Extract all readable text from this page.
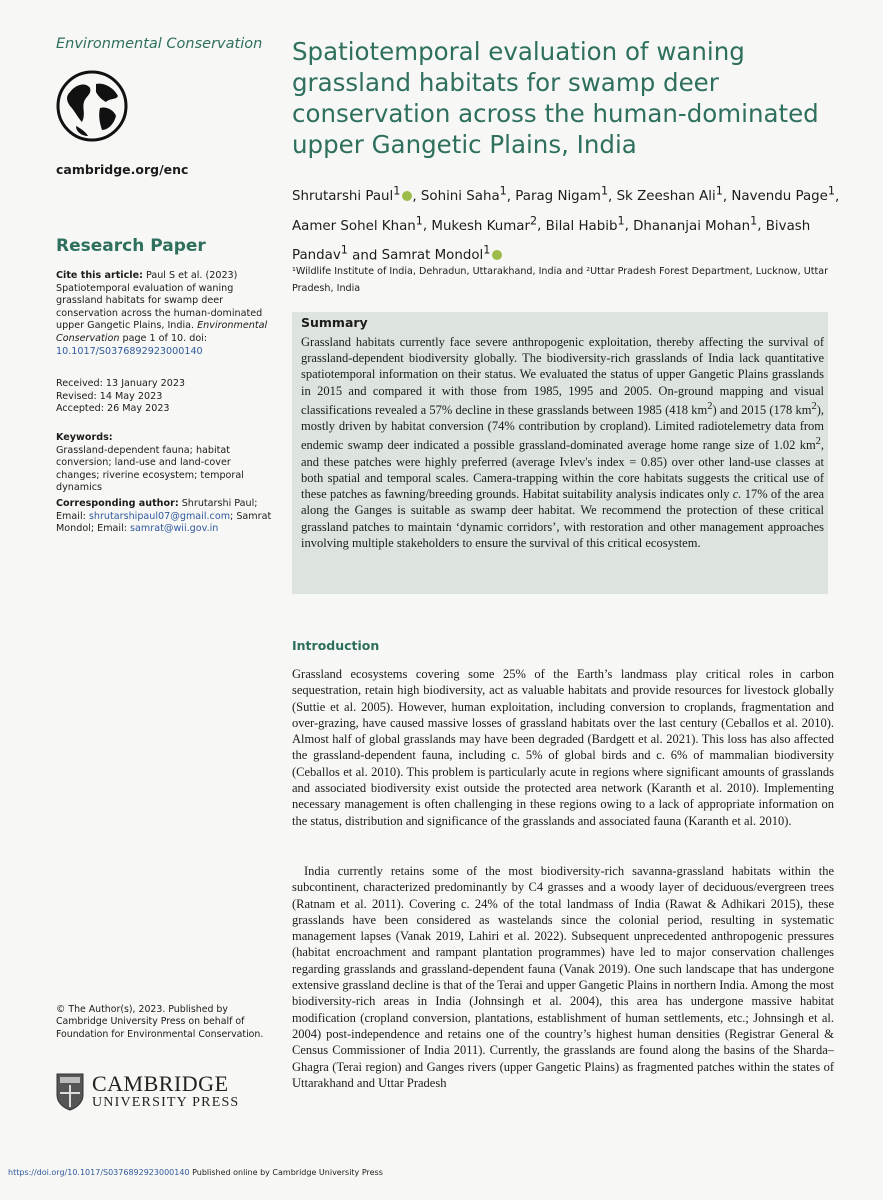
Environmental Conservation
cambridge.org/enc
Research Paper
Cite this article: Paul S et al. (2023) Spatiotemporal evaluation of waning grassland habitats for swamp deer conservation across the human-dominated upper Gangetic Plains, India. Environmental Conservation page 1 of 10. doi: 10.1017/S0376892923000140
Received: 13 January 2023
Revised: 14 May 2023
Accepted: 26 May 2023
Keywords:
Grassland-dependent fauna; habitat conversion; land-use and land-cover changes; riverine ecosystem; temporal dynamics
Corresponding author: Shrutarshi Paul;
Email: shrutarshipaul07@gmail.com; Samrat Mondol; Email: samrat@wii.gov.in
© The Author(s), 2023. Published by Cambridge University Press on behalf of Foundation for Environmental Conservation.
CAMBRIDGE
UNIVERSITY PRESS
Spatiotemporal evaluation of waning grassland habitats for swamp deer conservation across the human-dominated upper Gangetic Plains, India
Shrutarshi Paul$^1$ , Sohini Saha$^1$, Parag Nigam$^1$, Sk Zeeshan Ali$^1$, Navendu Page$^1$, Aamer Sohel Khan$^1$, Mukesh Kumar$^2$, Bilal Habib$^1$, Dhananjai Mohan$^1$, Bivash Pandav$^1$ and Samrat Mondol$^1$
¹Wildlife Institute of India, Dehradun, Uttarakhand, India and ²Uttar Pradesh Forest Department, Lucknow, Uttar Pradesh, India
Summary
Grassland habitats currently face severe anthropogenic exploitation, thereby affecting the survival of grassland-dependent biodiversity globally. The biodiversity-rich grasslands of India lack quantitative spatiotemporal information on their status. We evaluated the status of upper Gangetic Plains grasslands in 2015 and compared it with those from 1985, 1995 and 2005. On-ground mapping and visual classifications revealed a 57% decline in these grasslands between 1985 (418 $km^2$) and 2015 (178 $km^2$), mostly driven by habitat conversion (74% contribution by cropland). Limited radiotelemetry data from endemic swamp deer indicated a possible grassland-dominated average home range size of 1.02 $km^2$, and these patches were highly preferred (average Ivlev's index = 0.85) over other land-use classes at both spatial and temporal scales. Camera-trapping within the core habitats suggests the critical use of these patches as fawning/breeding grounds. Habitat suitability analysis indicates only c. 17% of the area along the Ganges is suitable as swamp deer habitat. We recommend the protection of these critical grassland patches to maintain ‘dynamic corridors’, with restoration and other management approaches involving multiple stakeholders to ensure the survival of this critical ecosystem.
Introduction
Grassland ecosystems covering some 25% of the Earth’s landmass play critical roles in carbon sequestration, retain high biodiversity, act as valuable habitats and provide resources for livestock globally (Suttie et al. 2005). However, human exploitation, including conversion to croplands, fragmentation and over-grazing, have caused massive losses of grassland habitats over the last century (Ceballos et al. 2010). Almost half of global grasslands may have been degraded (Bardgett et al. 2021). This loss has also affected the grassland-dependent fauna, including c. 5% of global birds and c. 6% of mammalian biodiversity (Ceballos et al. 2010). This problem is particularly acute in regions where significant amounts of grasslands and associated biodiversity exist outside the protected area network (Karanth et al. 2010). Implementing necessary management is often challenging in these regions owing to a lack of appropriate information on the status, distribution and significance of the grasslands and associated fauna (Karanth et al. 2010).
India currently retains some of the most biodiversity-rich savanna-grassland habitats within the subcontinent, characterized predominantly by C4 grasses and a woody layer of deciduous/evergreen trees (Ratnam et al. 2011). Covering c. 24% of the total landmass of India (Rawat & Adhikari 2015), these grasslands have been considered as wastelands since the colonial period, resulting in systematic management lapses (Vanak 2019, Lahiri et al. 2022). Subsequent unprecedented anthropogenic pressures (habitat encroachment and rampant plantation programmes) have led to major conservation challenges regarding grasslands and grassland-dependent fauna (Vanak 2019). One such landscape that has undergone extensive grassland decline is that of the Terai and upper Gangetic Plains in northern India. Among the most biodiversity-rich areas in India (Johnsingh et al. 2004), this area has undergone massive habitat modification (cropland conversion, plantations, establishment of human settlements, etc.; Johnsingh et al. 2004) post-independence and retains one of the country’s highest human densities (Registrar General & Census Commissioner of India 2011). Currently, the grasslands are found along the basins of the Sharda–Ghagra (Terai region) and Ganges rivers (upper Gangetic Plains) as fragmented patches within the states of Uttarakhand and Uttar Pradesh
https://doi.org/10.1017/S0376892923000140 Published online by Cambridge University Press
